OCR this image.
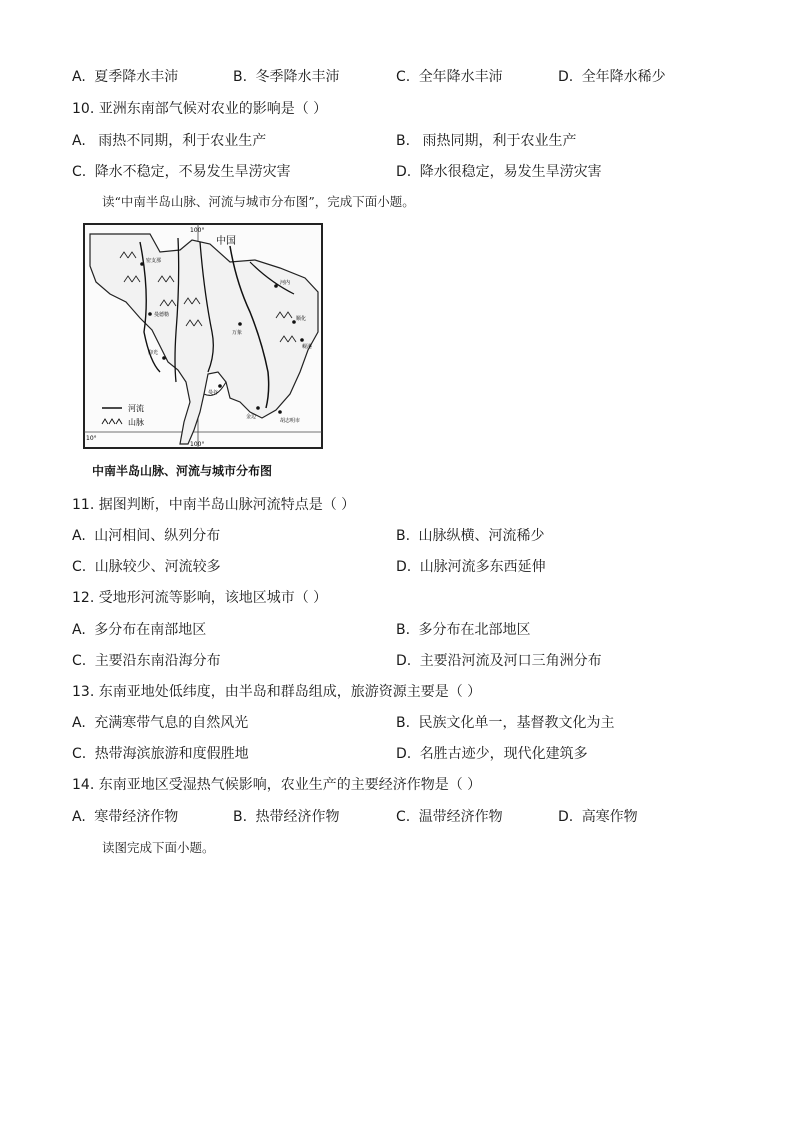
A. 夏季降水丰沛	B. 冬季降水丰沛	C. 全年降水丰沛	D. 全年降水稀少
10. 亚洲东南部气候对农业的影响是（ ）
A. 雨热不同期，利于农业生产	B. 雨热同期，利于农业生产
C. 降水不稳定，不易发生旱涝灾害	D. 降水很稳定，易发生旱涝灾害
读“中南半岛山脉、河流与城市分布图”，完成下面小题。
中国
100°
100°
10°
密支那
曼德勒
仰光
万象
河内
曼谷
金边
顺化
岘港
胡志明市
河流
山脉
中南半岛山脉、河流与城市分布图
11. 据图判断，中南半岛山脉河流特点是（ ）
A. 山河相间、纵列分布	B. 山脉纵横、河流稀少
C. 山脉较少、河流较多	D. 山脉河流多东西延伸
12. 受地形河流等影响，该地区城市（ ）
A. 多分布在南部地区	B. 多分布在北部地区
C. 主要沿东南沿海分布	D. 主要沿河流及河口三角洲分布
13. 东南亚地处低纬度，由半岛和群岛组成，旅游资源主要是（ ）
A. 充满寒带气息的自然风光	B. 民族文化单一，基督教文化为主
C. 热带海滨旅游和度假胜地	D. 名胜古迹少，现代化建筑多
14. 东南亚地区受湿热气候影响，农业生产的主要经济作物是（ ）
A. 寒带经济作物	B. 热带经济作物	C. 温带经济作物	D. 高寒作物
读图完成下面小题。
